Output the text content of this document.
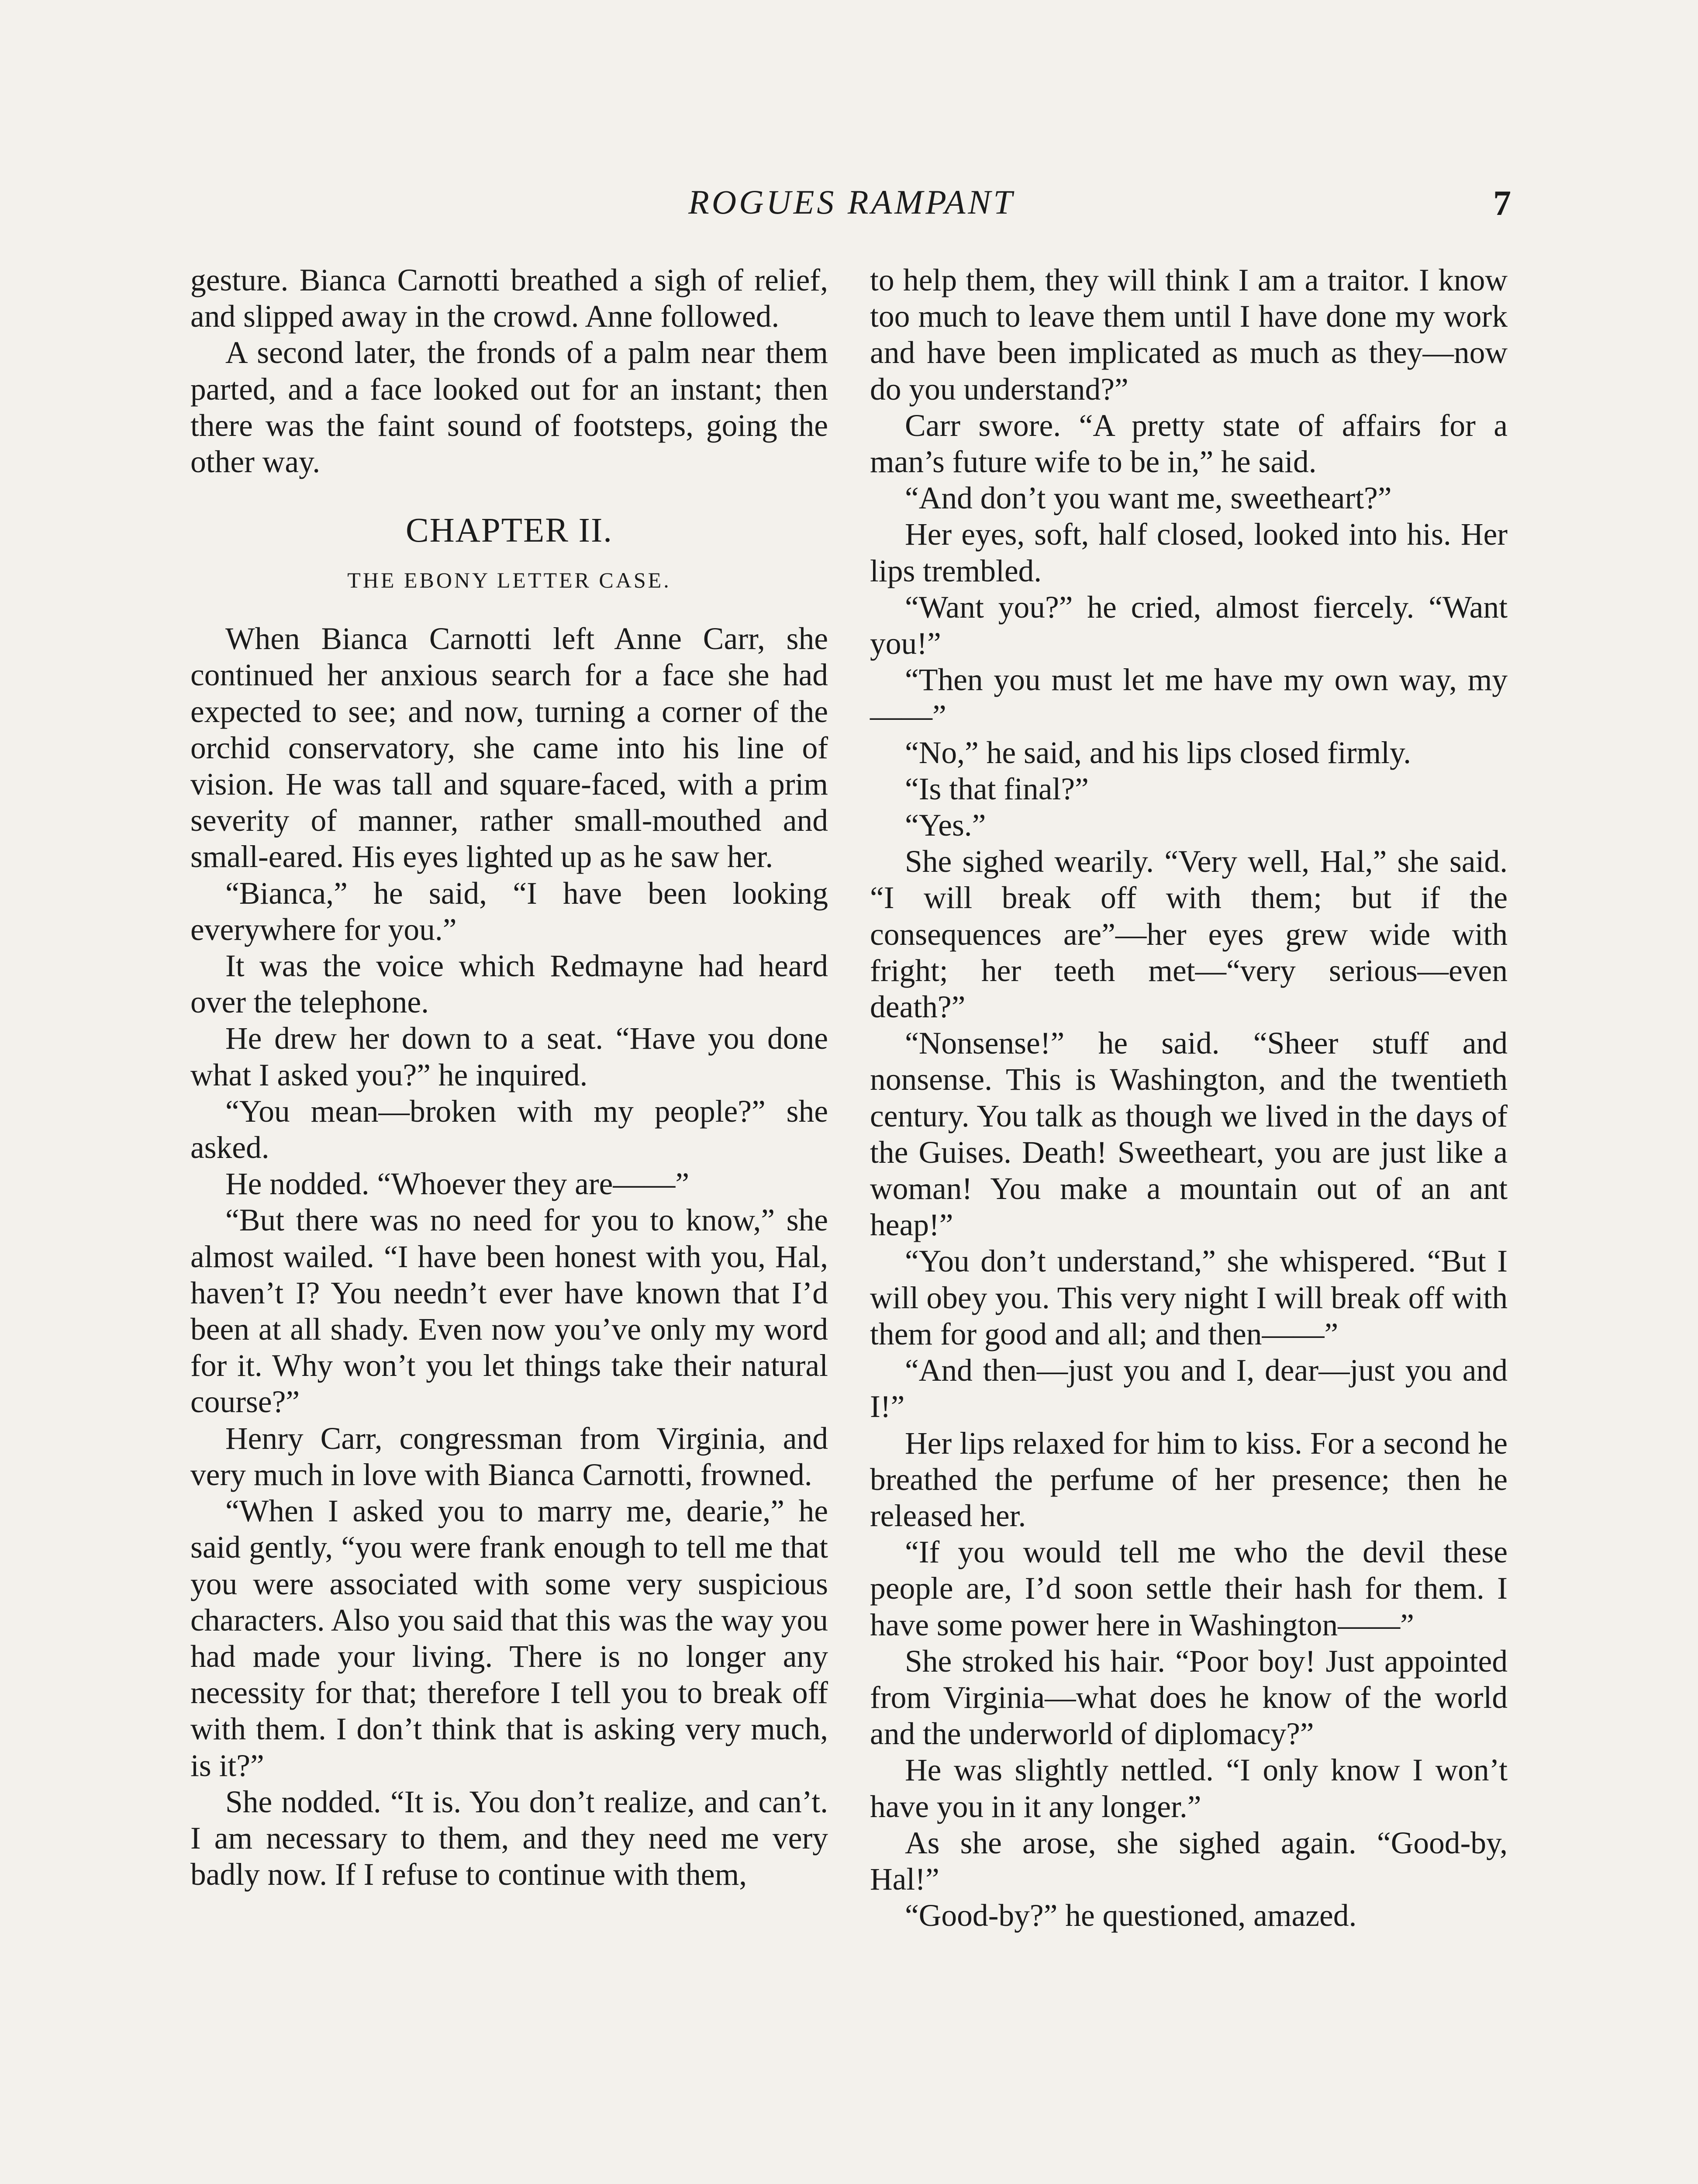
ROGUES RAMPANT	7

gesture. Bianca Carnotti breathed a sigh of relief, and slipped away in the crowd. Anne followed.

A second later, the fronds of a palm near them parted, and a face looked out for an instant; then there was the faint sound of footsteps, going the other way.

CHAPTER II.
THE EBONY LETTER CASE.

When Bianca Carnotti left Anne Carr, she continued her anxious search for a face she had expected to see; and now, turning a corner of the orchid conservatory, she came into his line of vision. He was tall and square-faced, with a prim severity of manner, rather small-mouthed and small-eared. His eyes lighted up as he saw her.

“Bianca,” he said, “I have been looking everywhere for you.”

It was the voice which Redmayne had heard over the telephone.

He drew her down to a seat. “Have you done what I asked you?” he inquired.

“You mean—broken with my people?” she asked.

He nodded. “Whoever they are——”

“But there was no need for you to know,” she almost wailed. “I have been honest with you, Hal, haven’t I? You needn’t ever have known that I’d been at all shady. Even now you’ve only my word for it. Why won’t you let things take their natural course?”

Henry Carr, congressman from Virginia, and very much in love with Bianca Carnotti, frowned.

“When I asked you to marry me, dearie,” he said gently, “you were frank enough to tell me that you were associated with some very suspicious characters. Also you said that this was the way you had made your living. There is no longer any necessity for that; therefore I tell you to break off with them. I don’t think that is asking very much, is it?”

She nodded. “It is. You don’t realize, and can’t. I am necessary to them, and they need me very badly now. If I refuse to continue with them,

to help them, they will think I am a traitor. I know too much to leave them until I have done my work and have been implicated as much as they—now do you understand?”

Carr swore. “A pretty state of affairs for a man’s future wife to be in,” he said.

“And don’t you want me, sweetheart?”

Her eyes, soft, half closed, looked into his. Her lips trembled.

“Want you?” he cried, almost fiercely. “Want you!”

“Then you must let me have my own way, my——”

“No,” he said, and his lips closed firmly.

“Is that final?”

“Yes.”

She sighed wearily. “Very well, Hal,” she said. “I will break off with them; but if the consequences are”—her eyes grew wide with fright; her teeth met—“very serious—even death?”

“Nonsense!” he said. “Sheer stuff and nonsense. This is Washington, and the twentieth century. You talk as though we lived in the days of the Guises. Death! Sweetheart, you are just like a woman! You make a mountain out of an ant heap!”

“You don’t understand,” she whispered. “But I will obey you. This very night I will break off with them for good and all; and then——”

“And then—just you and I, dear—just you and I!”

Her lips relaxed for him to kiss. For a second he breathed the perfume of her presence; then he released her.

“If you would tell me who the devil these people are, I’d soon settle their hash for them. I have some power here in Washington——”

She stroked his hair. “Poor boy! Just appointed from Virginia—what does he know of the world and the underworld of diplomacy?”

He was slightly nettled. “I only know I won’t have you in it any longer.”

As she arose, she sighed again. “Good-by, Hal!”

“Good-by?” he questioned, amazed.
